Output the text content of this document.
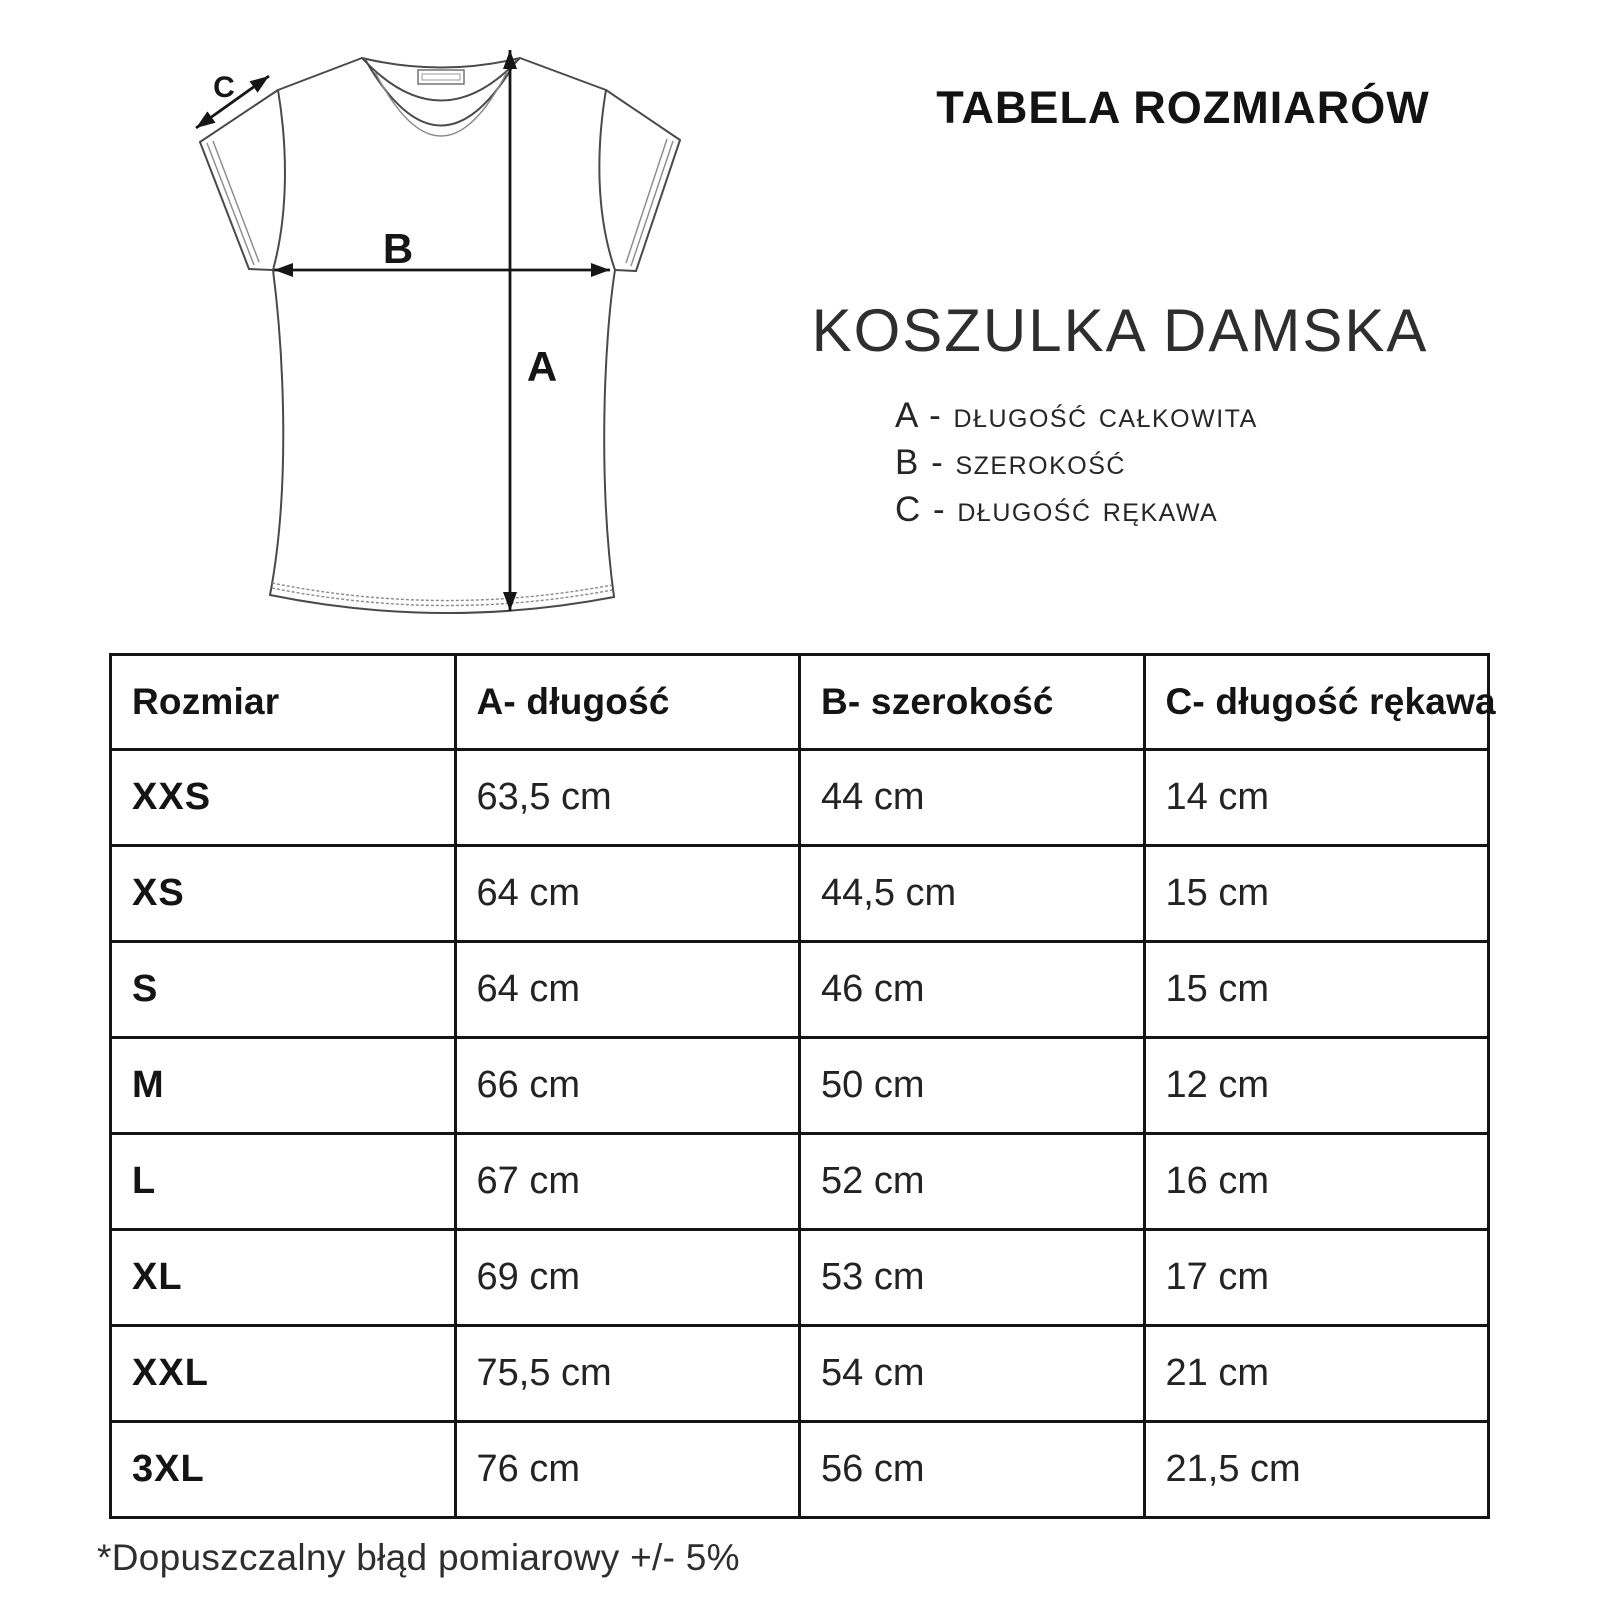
A
B
C	TABELA ROZMIARÓW
KOSZULKA DAMSKA
A - długość całkowita
B - szerokość
C - długość rękawa
Rozmiar	A- długość	B- szerokość	C- długość rękawa
XXS	63,5 cm	44 cm	14 cm
XS	64 cm	44,5 cm	15 cm
S	64 cm	46 cm	15 cm
M	66 cm	50 cm	12 cm
L	67 cm	52 cm	16 cm
XL	69 cm	53 cm	17 cm
XXL	75,5 cm	54 cm	21 cm
3XL	76 cm	56 cm	21,5 cm
*Dopuszczalny błąd pomiarowy +/- 5%
